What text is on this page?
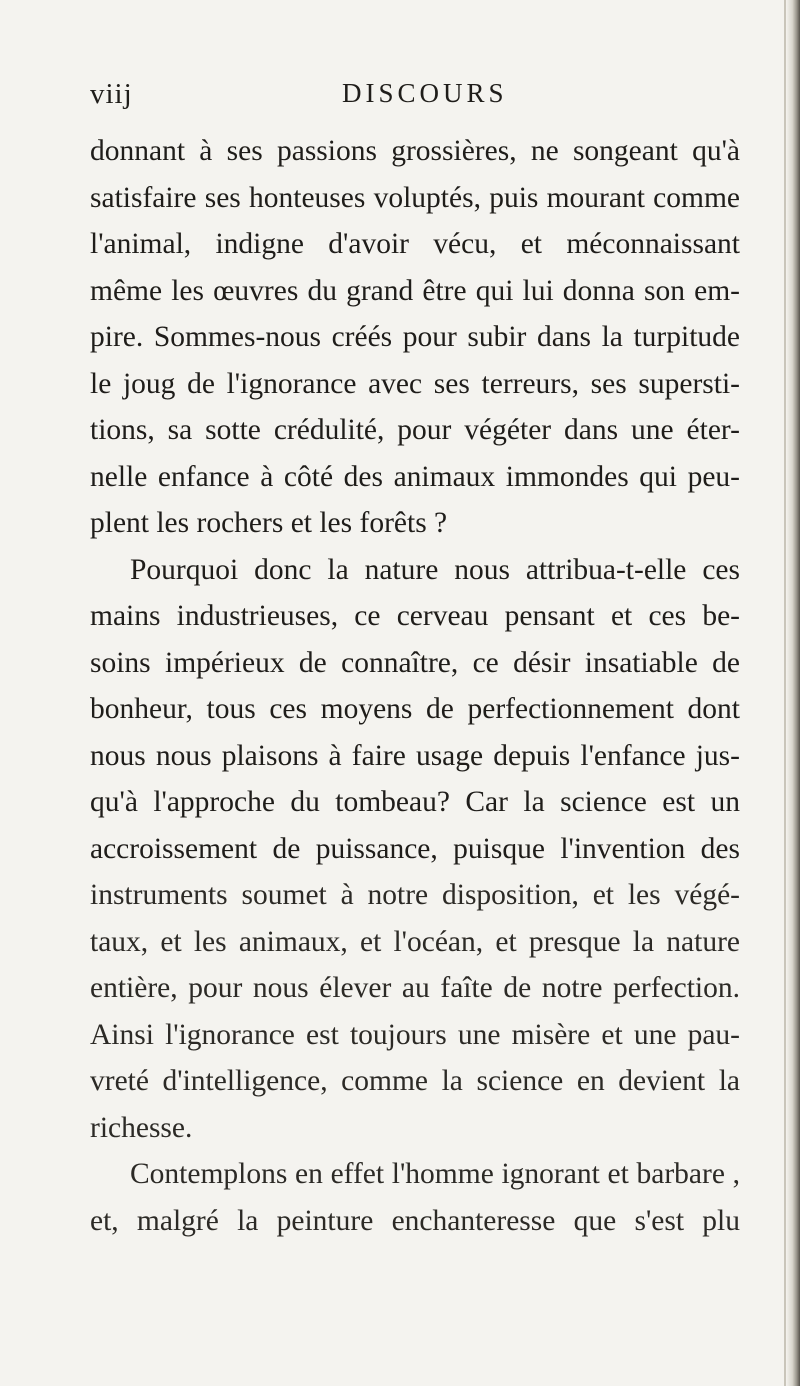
viij	DISCOURS
donnant à ses passions grossières, ne songeant qu'à
satisfaire ses honteuses voluptés, puis mourant comme
l'animal, indigne d'avoir vécu, et méconnaissant
même les œuvres du grand être qui lui donna son em-
pire. Sommes-nous créés pour subir dans la turpitude
le joug de l'ignorance avec ses terreurs, ses supersti-
tions, sa sotte crédulité, pour végéter dans une éter-
nelle enfance à côté des animaux immondes qui peu-
plent les rochers et les forêts ?
Pourquoi donc la nature nous attribua-t-elle ces
mains industrieuses, ce cerveau pensant et ces be-
soins impérieux de connaître, ce désir insatiable de
bonheur, tous ces moyens de perfectionnement dont
nous nous plaisons à faire usage depuis l'enfance jus-
qu'à l'approche du tombeau? Car la science est un
accroissement de puissance, puisque l'invention des
instruments soumet à notre disposition, et les végé-
taux, et les animaux, et l'océan, et presque la nature
entière, pour nous élever au faîte de notre perfection.
Ainsi l'ignorance est toujours une misère et une pau-
vreté d'intelligence, comme la science en devient la
richesse.
Contemplons en effet l'homme ignorant et barbare ,
et, malgré la peinture enchanteresse que s'est plu
